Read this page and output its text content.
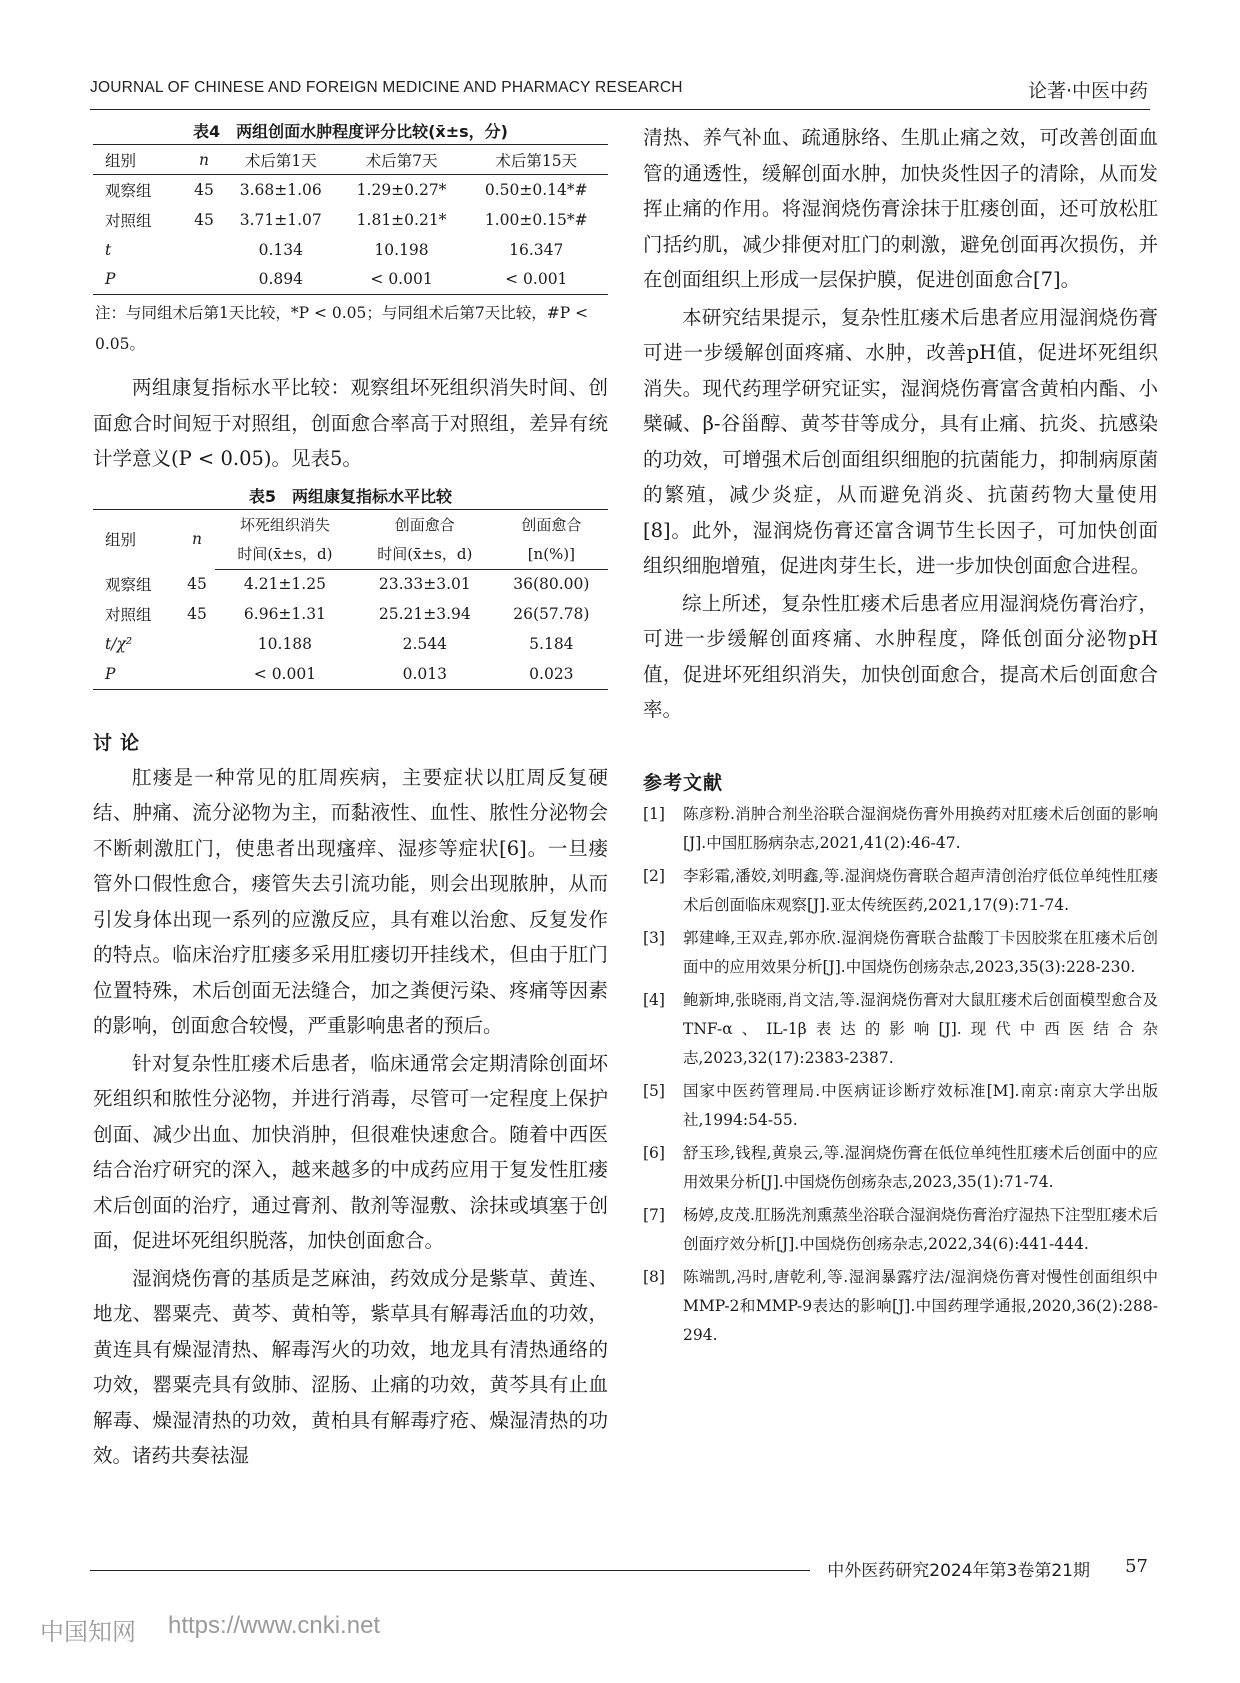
JOURNAL OF CHINESE AND FOREIGN MEDICINE AND PHARMACY RESEARCH	论著·中医中药
表4　两组创面水肿程度评分比较(x̄±s，分)
组别	n	术后第1天	术后第7天	术后第15天
观察组	45	3.68±1.06	1.29±0.27*	0.50±0.14*#
对照组	45	3.71±1.07	1.81±0.21*	1.00±0.15*#
t		0.134	10.198	16.347
P		0.894	< 0.001	< 0.001
注：与同组术后第1天比较，*P < 0.05；与同组术后第7天比较，#P < 0.05。

两组康复指标水平比较：观察组坏死组织消失时间、创面愈合时间短于对照组，创面愈合率高于对照组，差异有统计学意义(P < 0.05)。见表5。

表5　两组康复指标水平比较
组别	n	坏死组织消失	创面愈合	创面愈合
		时间(x̄±s，d)	时间(x̄±s，d)	[n(%)]
观察组	45	4.21±1.25	23.33±3.01	36(80.00)
对照组	45	6.96±1.31	25.21±3.94	26(57.78)
t/χ²		10.188	2.544	5.184
P		< 0.001	0.013	0.023
讨论

肛瘘是一种常见的肛周疾病，主要症状以肛周反复硬结、肿痛、流分泌物为主，而黏液性、血性、脓性分泌物会不断刺激肛门，使患者出现瘙痒、湿疹等症状[6]。一旦瘘管外口假性愈合，瘘管失去引流功能，则会出现脓肿，从而引发身体出现一系列的应激反应，具有难以治愈、反复发作的特点。临床治疗肛瘘多采用肛瘘切开挂线术，但由于肛门位置特殊，术后创面无法缝合，加之粪便污染、疼痛等因素的影响，创面愈合较慢，严重影响患者的预后。

针对复杂性肛瘘术后患者，临床通常会定期清除创面坏死组织和脓性分泌物，并进行消毒，尽管可一定程度上保护创面、减少出血、加快消肿，但很难快速愈合。随着中西医结合治疗研究的深入，越来越多的中成药应用于复发性肛瘘术后创面的治疗，通过膏剂、散剂等湿敷、涂抹或填塞于创面，促进坏死组织脱落，加快创面愈合。

湿润烧伤膏的基质是芝麻油，药效成分是紫草、黄连、地龙、罂粟壳、黄芩、黄柏等，紫草具有解毒活血的功效，黄连具有燥湿清热、解毒泻火的功效，地龙具有清热通络的功效，罂粟壳具有敛肺、涩肠、止痛的功效，黄芩具有止血解毒、燥湿清热的功效，黄柏具有解毒疗疮、燥湿清热的功效。诸药共奏祛湿

清热、养气补血、疏通脉络、生肌止痛之效，可改善创面血管的通透性，缓解创面水肿，加快炎性因子的清除，从而发挥止痛的作用。将湿润烧伤膏涂抹于肛瘘创面，还可放松肛门括约肌，减少排便对肛门的刺激，避免创面再次损伤，并在创面组织上形成一层保护膜，促进创面愈合[7]。

本研究结果提示，复杂性肛瘘术后患者应用湿润烧伤膏可进一步缓解创面疼痛、水肿，改善pH值，促进坏死组织消失。现代药理学研究证实，湿润烧伤膏富含黄柏内酯、小檗碱、β-谷甾醇、黄芩苷等成分，具有止痛、抗炎、抗感染的功效，可增强术后创面组织细胞的抗菌能力，抑制病原菌的繁殖，减少炎症，从而避免消炎、抗菌药物大量使用[8]。此外，湿润烧伤膏还富含调节生长因子，可加快创面组织细胞增殖，促进肉芽生长，进一步加快创面愈合进程。

综上所述，复杂性肛瘘术后患者应用湿润烧伤膏治疗，可进一步缓解创面疼痛、水肿程度，降低创面分泌物pH值，促进坏死组织消失，加快创面愈合，提高术后创面愈合率。

参考文献
[1]	陈彦粉.消肿合剂坐浴联合湿润烧伤膏外用换药对肛瘘术后创面的影响[J].中国肛肠病杂志,2021,41(2):46-47.
[2]	李彩霜,潘姣,刘明鑫,等.湿润烧伤膏联合超声清创治疗低位单纯性肛瘘术后创面临床观察[J].亚太传统医药,2021,17(9):71-74.
[3]	郭建峰,王双垚,郭亦欣.湿润烧伤膏联合盐酸丁卡因胶浆在肛瘘术后创面中的应用效果分析[J].中国烧伤创疡杂志,2023,35(3):228-230.
[4]	鲍新坤,张晓雨,肖文洁,等.湿润烧伤膏对大鼠肛瘘术后创面模型愈合及TNF-α、IL-1β表达的影响[J].现代中西医结合杂志,2023,32(17):2383-2387.
[5]	国家中医药管理局.中医病证诊断疗效标准[M].南京:南京大学出版社,1994:54-55.
[6]	舒玉珍,钱程,黄泉云,等.湿润烧伤膏在低位单纯性肛瘘术后创面中的应用效果分析[J].中国烧伤创疡杂志,2023,35(1):71-74.
[7]	杨婷,皮茂.肛肠洗剂熏蒸坐浴联合湿润烧伤膏治疗湿热下注型肛瘘术后创面疗效分析[J].中国烧伤创疡杂志,2022,34(6):441-444.
[8]	陈端凯,冯时,唐乾利,等.湿润暴露疗法/湿润烧伤膏对慢性创面组织中MMP-2和MMP-9表达的影响[J].中国药理学通报,2020,36(2):288-294.
中外医药研究2024年第3卷第21期 57
中国知网 https://www.cnki.net
